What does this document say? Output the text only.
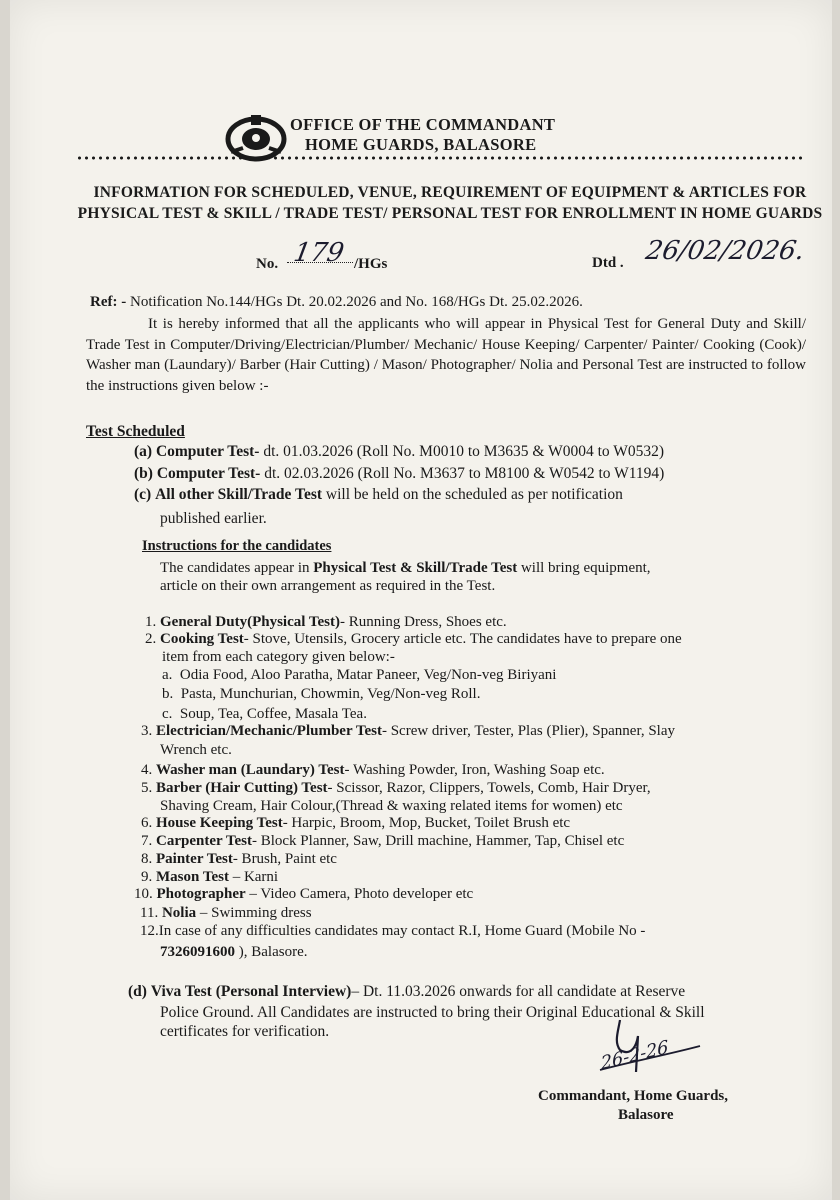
OFFICE OF THE COMMANDANT
HOME GUARDS, BALASORE
INFORMATION FOR SCHEDULED, VENUE, REQUIREMENT OF EQUIPMENT & ARTICLES FOR PHYSICAL TEST & SKILL / TRADE TEST/ PERSONAL TEST FOR ENROLLMENT IN HOME GUARDS
No. 179 /HGs	Dtd . 26/02/2026.
Ref: - Notification No.144/HGs Dt. 20.02.2026 and No. 168/HGs Dt. 25.02.2026.
It is hereby informed that all the applicants who will appear in Physical Test for General Duty and Skill/ Trade Test in Computer/Driving/Electrician/Plumber/ Mechanic/ House Keeping/ Carpenter/ Painter/ Cooking (Cook)/ Washer man (Laundary)/ Barber (Hair Cutting) / Mason/ Photographer/ Nolia and Personal Test are instructed to follow the instructions given below :-
Test Scheduled
(a) Computer Test- dt. 01.03.2026 (Roll No. M0010 to M3635 & W0004 to W0532)
(b) Computer Test- dt. 02.03.2026 (Roll No. M3637 to M8100 & W0542 to W1194)
(c) All other Skill/Trade Test will be held on the scheduled as per notification
published earlier.
Instructions for the candidates
The candidates appear in Physical Test & Skill/Trade Test will bring equipment,
article on their own arrangement as required in the Test.
1. General Duty(Physical Test)- Running Dress, Shoes etc.
2. Cooking Test- Stove, Utensils, Grocery article etc. The candidates have to prepare one
item from each category given below:-
a. Odia Food, Aloo Paratha, Matar Paneer, Veg/Non-veg Biriyani
b. Pasta, Munchurian, Chowmin, Veg/Non-veg Roll.
c. Soup, Tea, Coffee, Masala Tea.
3. Electrician/Mechanic/Plumber Test- Screw driver, Tester, Plas (Plier), Spanner, Slay
Wrench etc.
4. Washer man (Laundary) Test- Washing Powder, Iron, Washing Soap etc.
5. Barber (Hair Cutting) Test- Scissor, Razor, Clippers, Towels, Comb, Hair Dryer,
Shaving Cream, Hair Colour,(Thread & waxing related items for women) etc
6. House Keeping Test- Harpic, Broom, Mop, Bucket, Toilet Brush etc
7. Carpenter Test- Block Planner, Saw, Drill machine, Hammer, Tap, Chisel etc
8. Painter Test- Brush, Paint etc
9. Mason Test – Karni
10. Photographer – Video Camera, Photo developer etc
11. Nolia – Swimming dress
12.In case of any difficulties candidates may contact R.I, Home Guard (Mobile No -
7326091600 ), Balasore.
(d) Viva Test (Personal Interview)– Dt. 11.03.2026 onwards for all candidate at Reserve
Police Ground. All Candidates are instructed to bring their Original Educational & Skill
certificates for verification.
26-2-26
Commandant, Home Guards,
Balasore
